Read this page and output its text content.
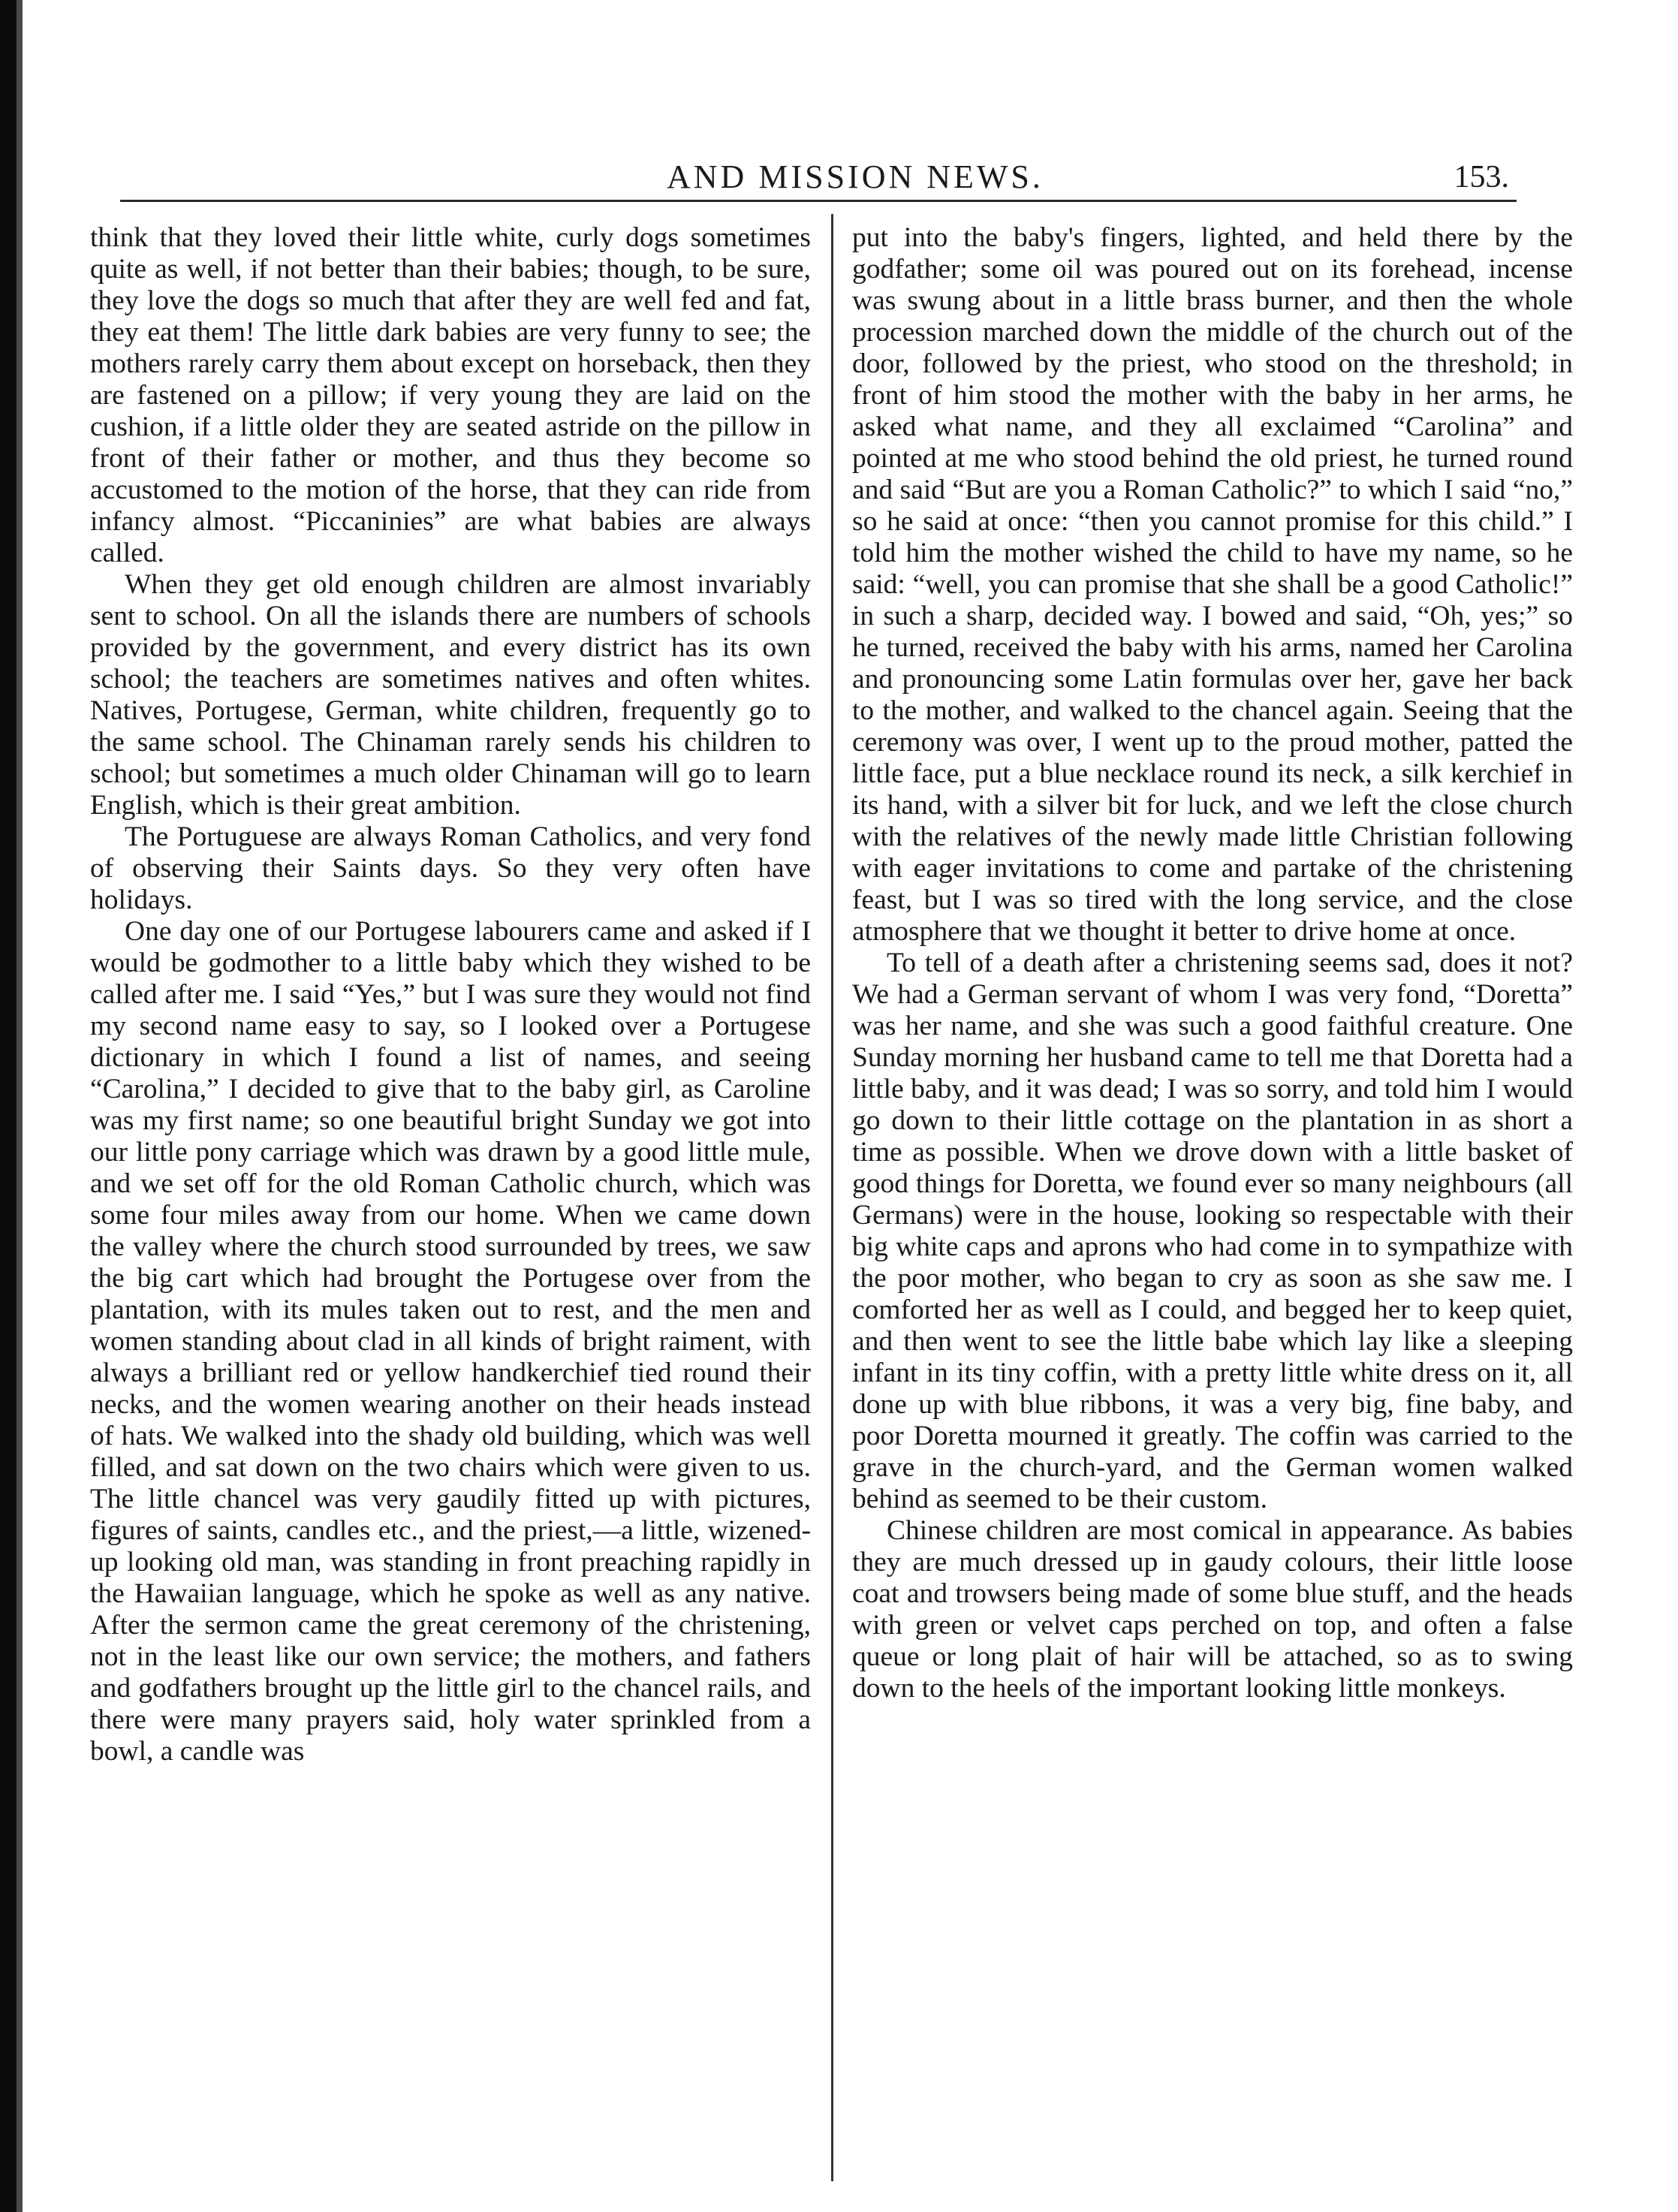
AND MISSION NEWS.	153.

think that they loved their little white, curly dogs sometimes quite as well, if not better than their babies; though, to be sure, they love the dogs so much that after they are well fed and fat, they eat them! The little dark babies are very funny to see; the mothers rarely carry them about except on horseback, then they are fastened on a pillow; if very young they are laid on the cushion, if a little older they are seated astride on the pillow in front of their father or mother, and thus they become so accustomed to the motion of the horse, that they can ride from infancy almost. “Piccaninies” are what babies are always called.

When they get old enough children are almost invariably sent to school. On all the islands there are numbers of schools provided by the government, and every district has its own school; the teachers are sometimes natives and often whites. Natives, Portugese, German, white children, frequently go to the same school. The Chinaman rarely sends his children to school; but sometimes a much older Chinaman will go to learn English, which is their great ambition.

The Portuguese are always Roman Catholics, and very fond of observing their Saints days. So they very often have holidays.

One day one of our Portugese labourers came and asked if I would be godmother to a little baby which they wished to be called after me. I said “Yes,” but I was sure they would not find my second name easy to say, so I looked over a Portugese dictionary in which I found a list of names, and seeing “Carolina,” I decided to give that to the baby girl, as Caroline was my first name; so one beautiful bright Sunday we got into our little pony carriage which was drawn by a good little mule, and we set off for the old Roman Catholic church, which was some four miles away from our home. When we came down the valley where the church stood surrounded by trees, we saw the big cart which had brought the Portugese over from the plantation, with its mules taken out to rest, and the men and women standing about clad in all kinds of bright raiment, with always a brilliant red or yellow handkerchief tied round their necks, and the women wearing another on their heads instead of hats. We walked into the shady old building, which was well filled, and sat down on the two chairs which were given to us. The little chancel was very gaudily fitted up with pictures, figures of saints, candles etc., and the priest,—a little, wizened-up looking old man, was standing in front preaching rapidly in the Hawaiian language, which he spoke as well as any native. After the sermon came the great ceremony of the christening, not in the least like our own service; the mothers, and fathers and godfathers brought up the little girl to the chancel rails, and there were many prayers said, holy water sprinkled from a bowl, a candle was

put into the baby's fingers, lighted, and held there by the godfather; some oil was poured out on its forehead, incense was swung about in a little brass burner, and then the whole procession marched down the middle of the church out of the door, followed by the priest, who stood on the threshold; in front of him stood the mother with the baby in her arms, he asked what name, and they all exclaimed “Carolina” and pointed at me who stood behind the old priest, he turned round and said “But are you a Roman Catholic?” to which I said “no,” so he said at once: “then you cannot promise for this child.” I told him the mother wished the child to have my name, so he said: “well, you can promise that she shall be a good Catholic!” in such a sharp, decided way. I bowed and said, “Oh, yes;” so he turned, received the baby with his arms, named her Carolina and pronouncing some Latin formulas over her, gave her back to the mother, and walked to the chancel again. Seeing that the ceremony was over, I went up to the proud mother, patted the little face, put a blue necklace round its neck, a silk kerchief in its hand, with a silver bit for luck, and we left the close church with the relatives of the newly made little Christian following with eager invitations to come and partake of the christening feast, but I was so tired with the long service, and the close atmosphere that we thought it better to drive home at once.

To tell of a death after a christening seems sad, does it not? We had a German servant of whom I was very fond, “Doretta” was her name, and she was such a good faithful creature. One Sunday morning her husband came to tell me that Doretta had a little baby, and it was dead; I was so sorry, and told him I would go down to their little cottage on the plantation in as short a time as possible. When we drove down with a little basket of good things for Doretta, we found ever so many neighbours (all Germans) were in the house, looking so respectable with their big white caps and aprons who had come in to sympathize with the poor mother, who began to cry as soon as she saw me. I comforted her as well as I could, and begged her to keep quiet, and then went to see the little babe which lay like a sleeping infant in its tiny coffin, with a pretty little white dress on it, all done up with blue ribbons, it was a very big, fine baby, and poor Doretta mourned it greatly. The coffin was carried to the grave in the church-yard, and the German women walked behind as seemed to be their custom.

Chinese children are most comical in appearance. As babies they are much dressed up in gaudy colours, their little loose coat and trowsers being made of some blue stuff, and the heads with green or velvet caps perched on top, and often a false queue or long plait of hair will be attached, so as to swing down to the heels of the important looking little monkeys.
